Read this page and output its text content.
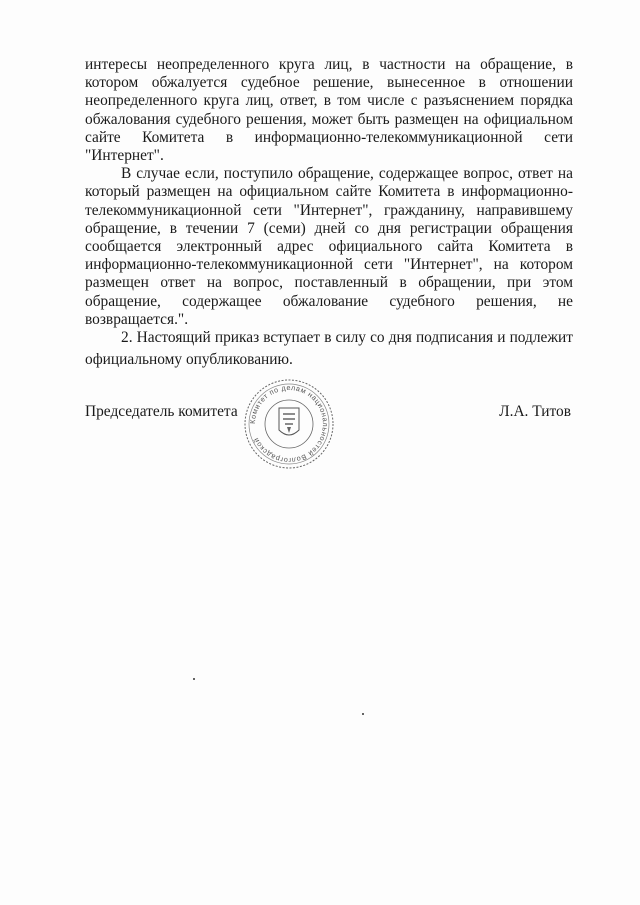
интересы неопределенного круга лиц, в частности на обращение, в
котором обжалуется судебное решение, вынесенное в отношении
неопределенного круга лиц, ответ, в том числе с разъяснением порядка
обжалования судебного решения, может быть размещен на официальном
сайте Комитета в информационно-телекоммуникационной сети
"Интернет".
В случае если, поступило обращение, содержащее вопрос, ответ на
который размещен на официальном сайте Комитета в информационно-
телекоммуникационной сети "Интернет", гражданину, направившему
обращение, в течении 7 (семи) дней со дня регистрации обращения
сообщается электронный адрес официального сайта Комитета в
информационно-телекоммуникационной сети "Интернет", на котором
размещен ответ на вопрос, поставленный в обращении, при этом
обращение, содержащее обжалование судебного решения, не
возвращается.".
2. Настоящий приказ вступает в силу со дня подписания и подлежит
официальному опубликованию.
Председатель комитета	Л.А. Титов
Комитет по делам национальностей Волгоградской
